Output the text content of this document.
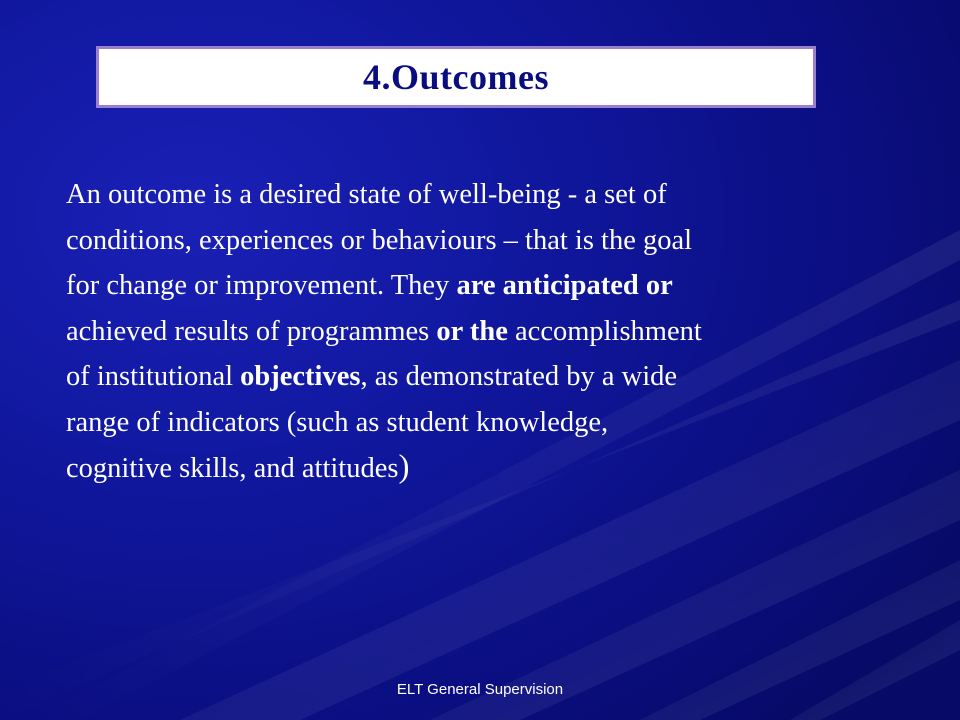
4.Outcomes

An outcome is a desired state of well-being - a set of
conditions, experiences or behaviours – that is the goal
for change or improvement. They are anticipated or
achieved results of programmes or the accomplishment
of institutional objectives, as demonstrated by a wide
range of indicators (such as student knowledge,
cognitive skills, and attitudes)

ELT General Supervision
